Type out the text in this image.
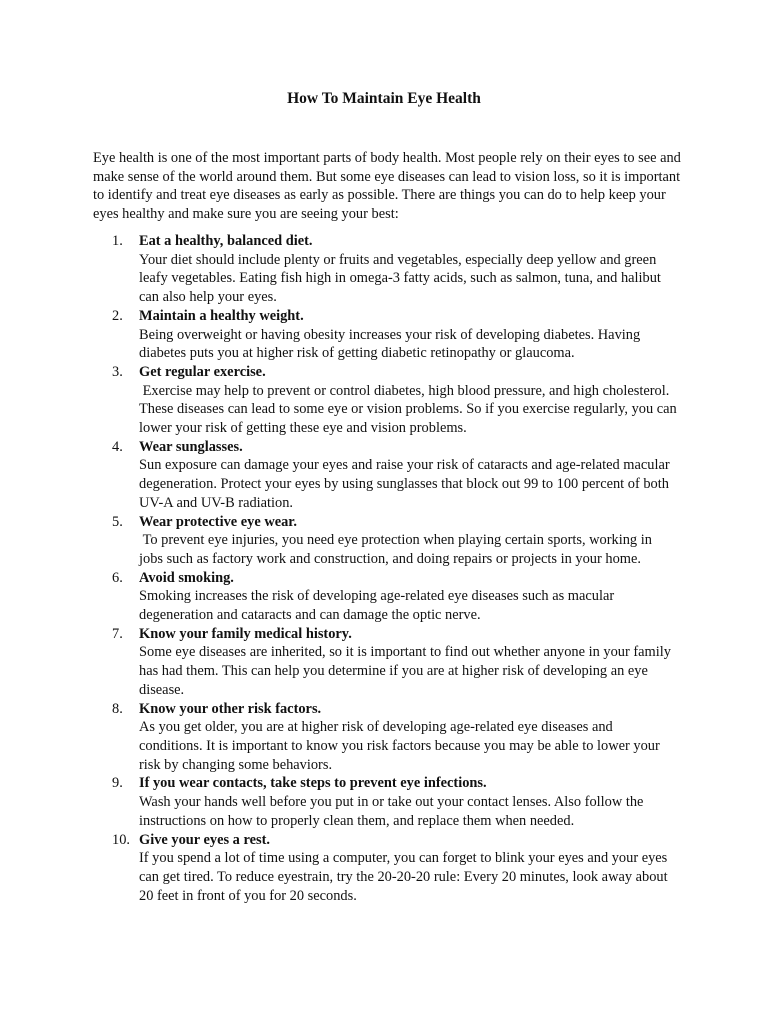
How To Maintain Eye Health

Eye health is one of the most important parts of body health. Most people rely on their eyes to see and make sense of the world around them. But some eye diseases can lead to vision loss, so it is important to identify and treat eye diseases as early as possible. There are things you can do to help keep your eyes healthy and make sure you are seeing your best:

1.	Eat a healthy, balanced diet.
Your diet should include plenty or fruits and vegetables, especially deep yellow and green leafy vegetables. Eating fish high in omega-3 fatty acids, such as salmon, tuna, and halibut can also help your eyes.
2.	Maintain a healthy weight.
Being overweight or having obesity increases your risk of developing diabetes. Having diabetes puts you at higher risk of getting diabetic retinopathy or glaucoma.
3.	Get regular exercise.
Exercise may help to prevent or control diabetes, high blood pressure, and high cholesterol. These diseases can lead to some eye or vision problems. So if you exercise regularly, you can lower your risk of getting these eye and vision problems.
4.	Wear sunglasses.
Sun exposure can damage your eyes and raise your risk of cataracts and age-related macular degeneration. Protect your eyes by using sunglasses that block out 99 to 100 percent of both UV-A and UV-B radiation.
5.	Wear protective eye wear.
To prevent eye injuries, you need eye protection when playing certain sports, working in jobs such as factory work and construction, and doing repairs or projects in your home.
6.	Avoid smoking.
Smoking increases the risk of developing age-related eye diseases such as macular degeneration and cataracts and can damage the optic nerve.
7.	Know your family medical history.
Some eye diseases are inherited, so it is important to find out whether anyone in your family has had them. This can help you determine if you are at higher risk of developing an eye disease.
8.	Know your other risk factors.
As you get older, you are at higher risk of developing age-related eye diseases and conditions. It is important to know you risk factors because you may be able to lower your risk by changing some behaviors.
9.	If you wear contacts, take steps to prevent eye infections.
Wash your hands well before you put in or take out your contact lenses. Also follow the instructions on how to properly clean them, and replace them when needed.
10. Give your eyes a rest.
If you spend a lot of time using a computer, you can forget to blink your eyes and your eyes can get tired. To reduce eyestrain, try the 20-20-20 rule: Every 20 minutes, look away about 20 feet in front of you for 20 seconds.
